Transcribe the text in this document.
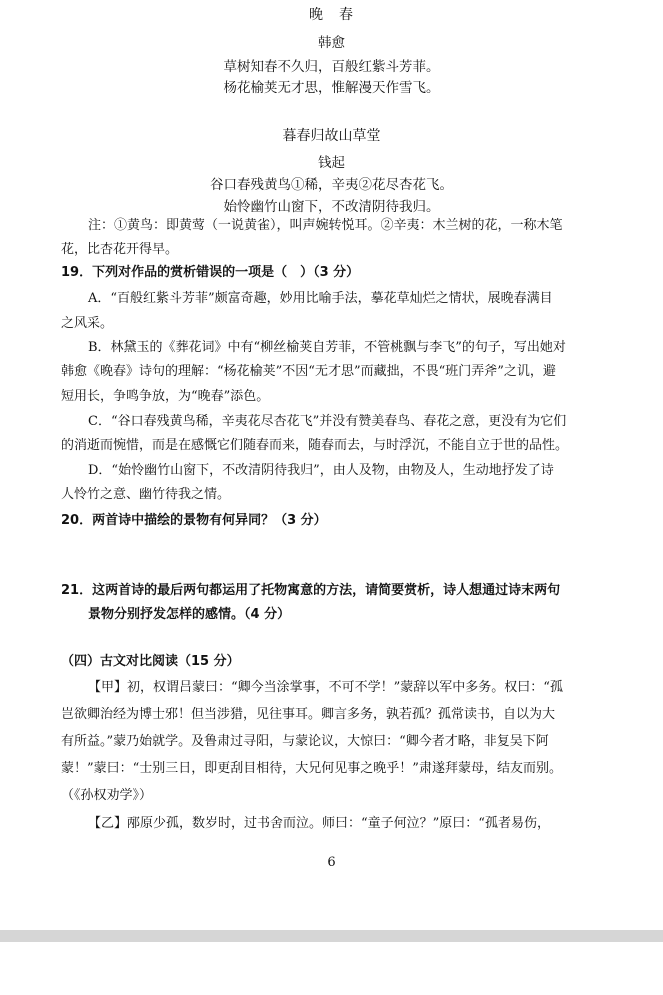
晚　春
韩愈
草树知春不久归，百般红紫斗芳菲。
杨花榆荚无才思，惟解漫天作雪飞。
暮春归故山草堂
钱起
谷口春残黄鸟①稀，辛夷②花尽杏花飞。
始怜幽竹山窗下，不改清阴待我归。
注：①黄鸟：即黄莺（一说黄雀），叫声婉转悦耳。②辛夷：木兰树的花，一称木笔
花，比杏花开得早。
19．下列对作品的赏析错误的一项是（　）（3 分）
A．“百般红紫斗芳菲”颇富奇趣，妙用比喻手法，摹花草灿烂之情状，展晚春满目
之风采。
B．林黛玉的《葬花词》中有“柳丝榆荚自芳菲，不管桃飘与李飞”的句子，写出她对
韩愈《晚春》诗句的理解：“杨花榆荚”不因“无才思”而藏拙，不畏“班门弄斧”之讥，避
短用长，争鸣争放，为“晚春”添色。
C．“谷口春残黄鸟稀，辛夷花尽杏花飞”并没有赞美春鸟、春花之意，更没有为它们
的消逝而惋惜，而是在感慨它们随春而来，随春而去，与时浮沉，不能自立于世的品性。
D．“始怜幽竹山窗下，不改清阴待我归”，由人及物，由物及人，生动地抒发了诗
人怜竹之意、幽竹待我之情。
20．两首诗中描绘的景物有何异同？（3 分）
21．这两首诗的最后两句都运用了托物寓意的方法，请简要赏析，诗人想通过诗末两句
景物分别抒发怎样的感情。（4 分）
（四）古文对比阅读（15 分）
【甲】初，权谓吕蒙曰：“卿今当涂掌事，不可不学！”蒙辞以军中多务。权曰：“孤
岂欲卿治经为博士邪！但当涉猎，见往事耳。卿言多务，孰若孤？孤常读书，自以为大
有所益。”蒙乃始就学。及鲁肃过寻阳，与蒙论议，大惊曰：“卿今者才略，非复吴下阿
蒙！”蒙曰：“士别三日，即更刮目相待，大兄何见事之晚乎！”肃遂拜蒙母，结友而别。
（《孙权劝学》）
【乙】邴原少孤，数岁时，过书舍而泣。师曰：“童子何泣？”原曰：“孤者易伤，
6
